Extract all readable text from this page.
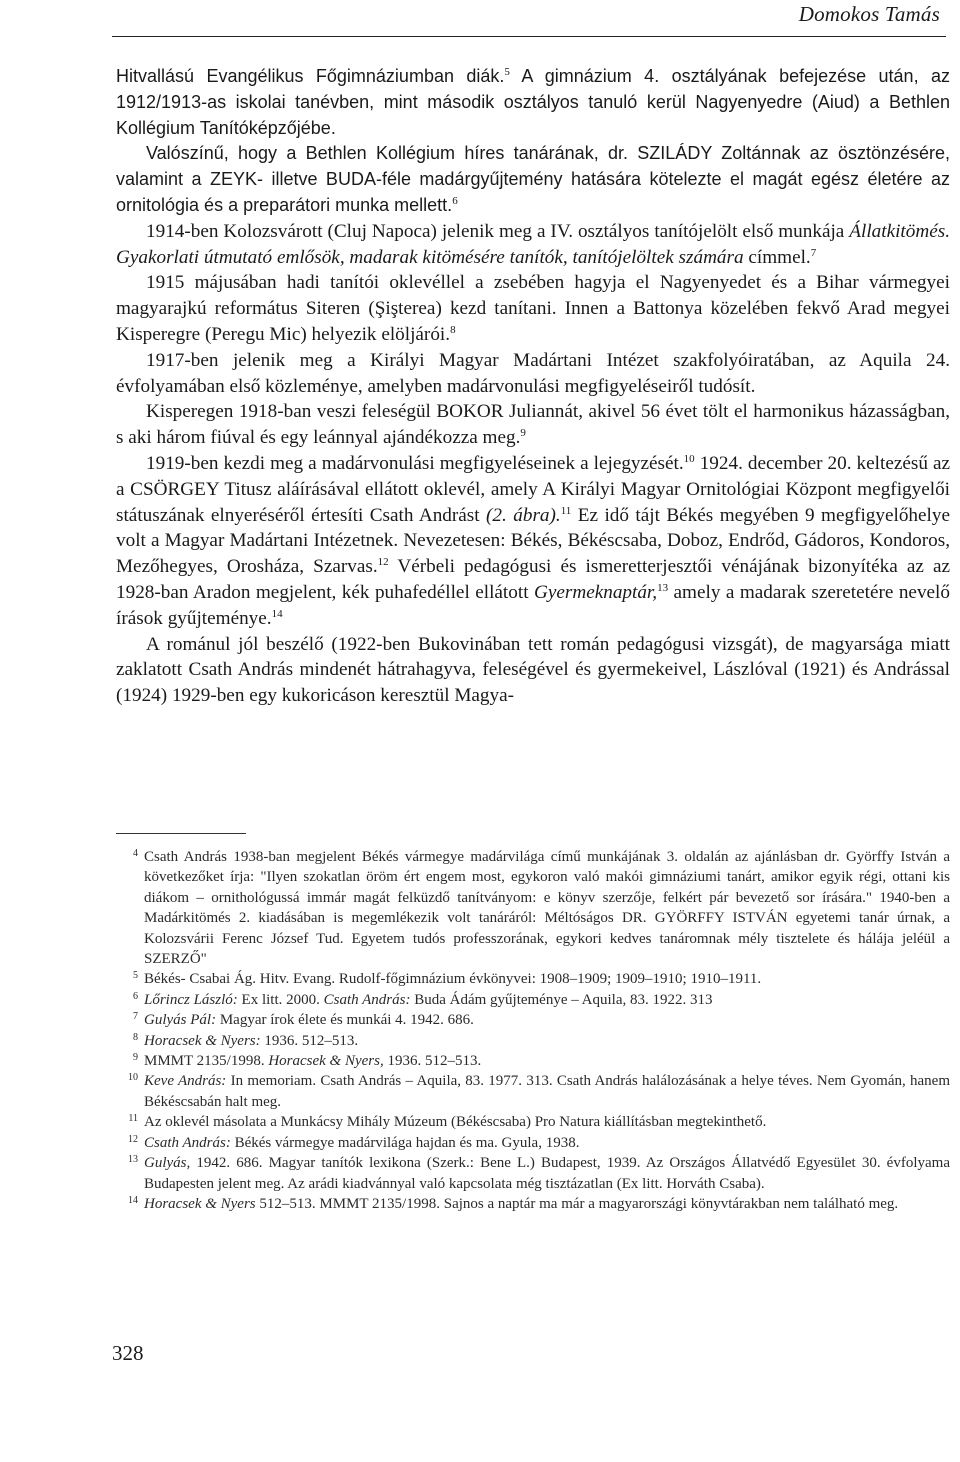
Domokos Tamás

Hitvallású Evangélikus Főgimnáziumban diák.$^5$ A gimnázium 4. osztályának befejezése után, az 1912/1913-as iskolai tanévben, mint második osztályos tanuló kerül Nagyenyedre (Aiud) a Bethlen Kollégium Tanítóképzőjébe.

Valószínű, hogy a Bethlen Kollégium híres tanárának, dr. SZILÁDY Zoltánnak az ösztönzésére, valamint a ZEYK- illetve BUDA-féle madárgyűjtemény hatására kötelezte el magát egész életére az ornitológia és a preparátori munka mellett.$^6$

1914-ben Kolozsvárott (Cluj Napoca) jelenik meg a IV. osztályos tanítójelölt első munkája Állatkitömés. Gyakorlati útmutató emlősök, madarak kitömésére tanítók, tanítójelöltek számára címmel.$^7$

1915 májusában hadi tanítói oklevéllel a zsebében hagyja el Nagyenyedet és a Bihar vármegyei magyarajkú református Siteren (Şişterea) kezd tanítani. Innen a Battonya közelében fekvő Arad megyei Kisperegre (Peregu Mic) helyezik elöljárói.$^8$

1917-ben jelenik meg a Királyi Magyar Madártani Intézet szakfolyóiratában, az Aquila 24. évfolyamában első közleménye, amelyben madárvonulási megfigyeléseiről tudósít.

Kisperegen 1918-ban veszi feleségül BOKOR Juliannát, akivel 56 évet tölt el harmonikus házasságban, s aki három fiúval és egy leánnyal ajándékozza meg.$^9$

1919-ben kezdi meg a madárvonulási megfigyeléseinek a lejegyzését.$^{10}$ 1924. december 20. keltezésű az a CSÖRGEY Titusz aláírásával ellátott oklevél, amely A Királyi Magyar Ornitológiai Központ megfigyelői státuszának elnyeréséről értesíti Csath Andrást (2. ábra).$^{11}$ Ez idő tájt Békés megyében 9 megfigyelőhelye volt a Magyar Madártani Intézetnek. Nevezetesen: Békés, Békéscsaba, Doboz, Endrőd, Gádoros, Kondoros, Mezőhegyes, Orosháza, Szarvas.$^{12}$ Vérbeli pedagógusi és ismeretterjesztői vénájának bizonyítéka az az 1928-ban Aradon megjelent, kék puhafedéllel ellátott Gyermeknaptár,$^{13}$ amely a madarak szeretetére nevelő írások gyűjteménye.$^{14}$

A románul jól beszélő (1922-ben Bukovinában tett román pedagógusi vizsgát), de magyarsága miatt zaklatott Csath András mindenét hátrahagyva, feleségével és gyermekeivel, Lászlóval (1921) és Andrással (1924) 1929-ben egy kukoricáson keresztül Magya-

4 Csath András 1938-ban megjelent Békés vármegye madárvilága című munkájának 3. oldalán az ajánlásban dr. Györffy István a következőket írja: "Ilyen szokatlan öröm ért engem most, egykoron való makói gimnáziumi tanárt, amikor egyik régi, ottani kis diákom – ornithológussá immár magát felküzdő tanítványom: e könyv szerzője, felkért pár bevezető sor írására." 1940-ben a Madárkitömés 2. kiadásában is megemlékezik volt tanáráról: Méltóságos DR. GYÖRFFY ISTVÁN egyetemi tanár úrnak, a Kolozsvárii Ferenc József Tud. Egyetem tudós professzorának, egykori kedves tanáromnak mély tisztelete és hálája jeléül a SZERZŐ"

5 Békés- Csabai Ág. Hitv. Evang. Rudolf-főgimnázium évkönyvei: 1908–1909; 1909–1910; 1910–1911.

6 Lőrincz László: Ex litt. 2000. Csath András: Buda Ádám gyűjteménye – Aquila, 83. 1922. 313

7 Gulyás Pál: Magyar írok élete és munkái 4. 1942. 686.

8 Horacsek & Nyers: 1936. 512–513.

9 MMMT 2135/1998. Horacsek & Nyers, 1936. 512–513.

10 Keve András: In memoriam. Csath András – Aquila, 83. 1977. 313. Csath András halálozásának a helye téves. Nem Gyomán, hanem Békéscsabán halt meg.

11 Az oklevél másolata a Munkácsy Mihály Múzeum (Békéscsaba) Pro Natura kiállításban megtekinthető.

12 Csath András: Békés vármegye madárvilága hajdan és ma. Gyula, 1938.

13 Gulyás, 1942. 686. Magyar tanítók lexikona (Szerk.: Bene L.) Budapest, 1939. Az Országos Állatvédő Egyesület 30. évfolyama Budapesten jelent meg. Az arádi kiadvánnyal való kapcsolata még tisztázatlan (Ex litt. Horváth Csaba).

14 Horacsek & Nyers 512–513. MMMT 2135/1998. Sajnos a naptár ma már a magyarországi könyvtárakban nem található meg.

328
